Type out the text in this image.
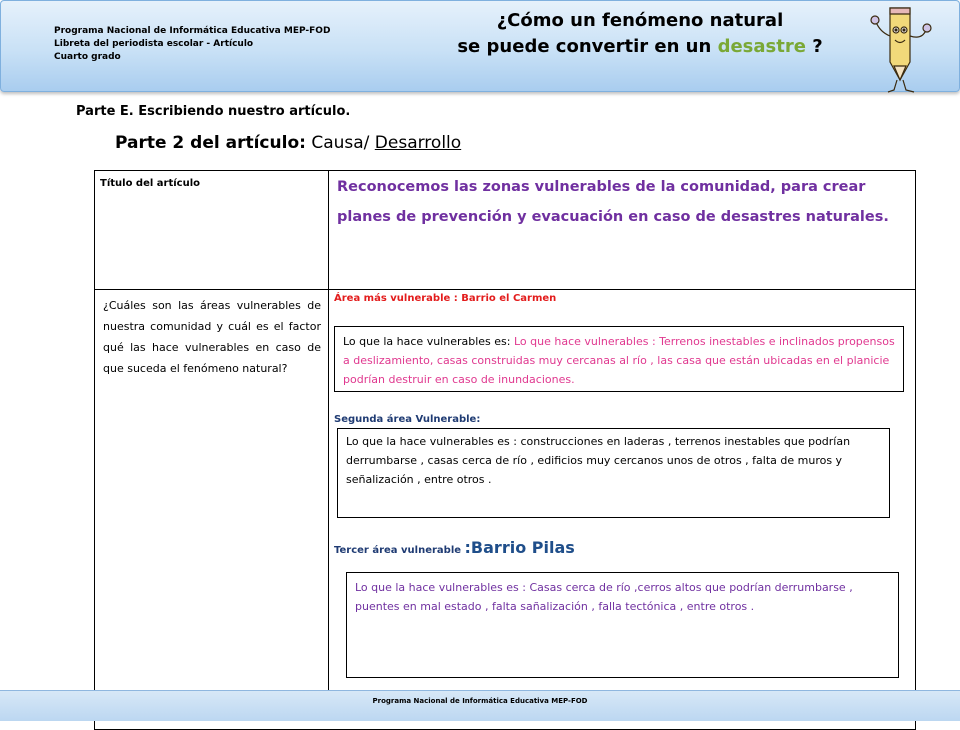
Programa Nacional de Informática Educativa MEP-FOD
Libreta del periodista escolar - Artículo
Cuarto grado
¿Cómo un fenómeno natural
se puede convertir en un desastre ?
Parte E. Escribiendo nuestro artículo.
Parte 2 del artículo: Causa/ Desarrollo
Título del artículo	Reconocemos las zonas vulnerables de la comunidad, para crear planes de prevención y evacuación en caso de desastres naturales.
¿Cuáles son las áreas vulnerables de nuestra comunidad y cuál es el factor qué las hace vulnerables en caso de que suceda el fenómeno natural?
Área más vulnerable : Barrio el Carmen
Lo que la hace vulnerables es: Lo que hace vulnerables : Terrenos inestables e inclinados propensos a deslizamiento, casas construidas muy cercanas al río , las casa que están ubicadas en el planicie podrían destruir en caso de inundaciones.
Segunda área Vulnerable:
Lo que la hace vulnerables es : construcciones en laderas , terrenos inestables que podrían derrumbarse , casas cerca de río , edificios muy cercanos unos de otros , falta de muros y señalización , entre otros .
Tercer área vulnerable :Barrio Pilas
Lo que la hace vulnerables es : Casas cerca de río ,cerros altos que podrían derrumbarse , puentes en mal estado , falta sañalización , falla tectónica , entre otros .
Programa Nacional de Informática Educativa MEP-FOD
